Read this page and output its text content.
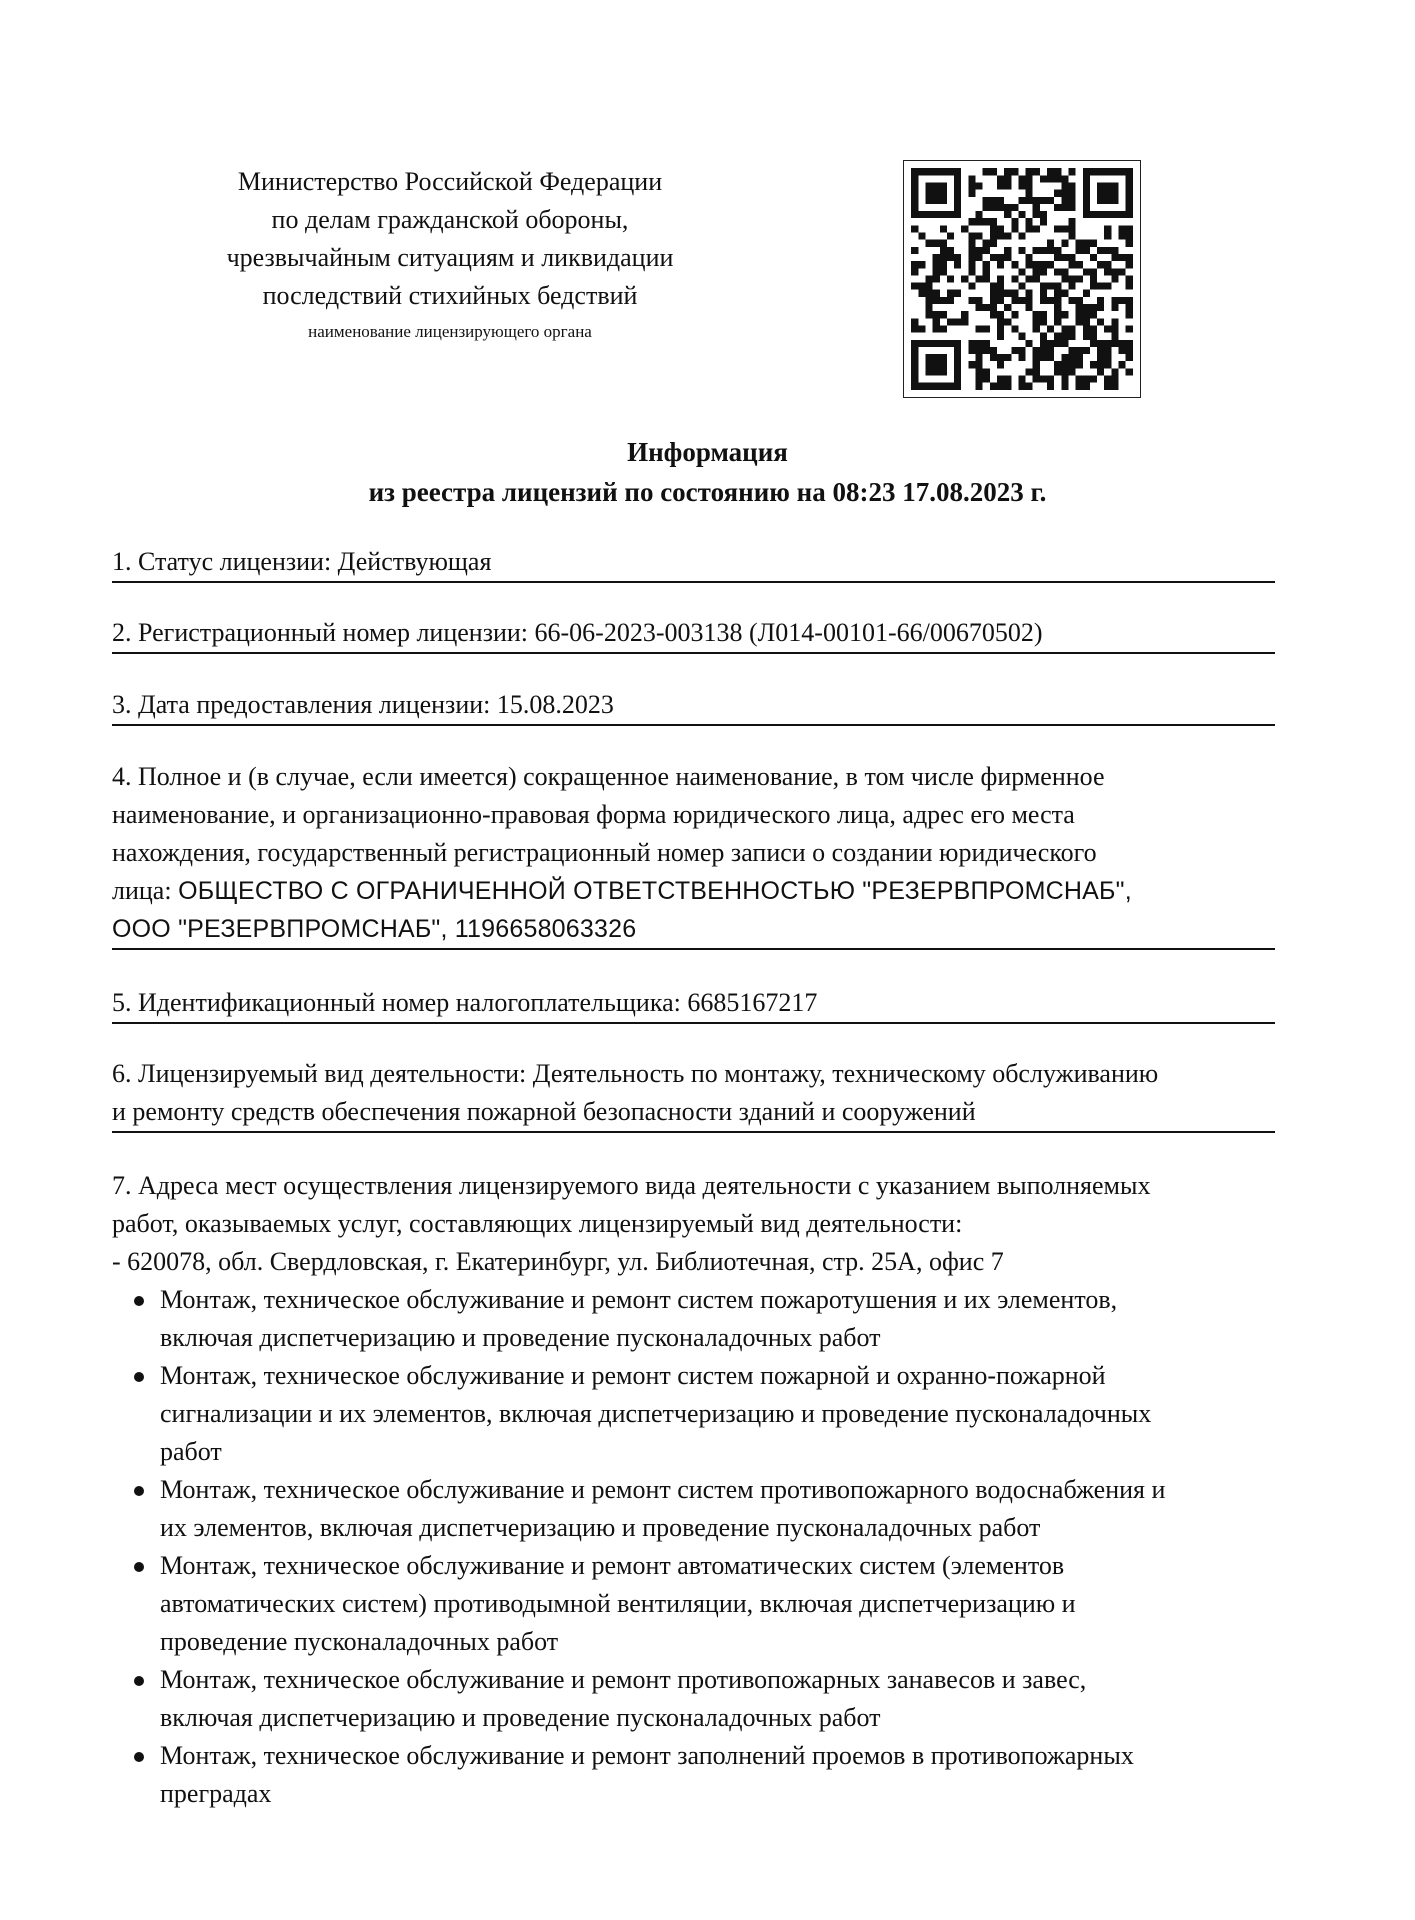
Министерство Российской Федерации
по делам гражданской обороны,
чрезвычайным ситуациям и ликвидации
последствий стихийных бедствий
наименование лицензирующего органа
Информация
из реестра лицензий по состоянию на 08:23 17.08.2023 г.
1. Статус лицензии: Действующая
2. Регистрационный номер лицензии: 66-06-2023-003138 (Л014-00101-66/00670502)
3. Дата предоставления лицензии: 15.08.2023
4. Полное и (в случае, если имеется) сокращенное наименование, в том числе фирменное
наименование, и организационно-правовая форма юридического лица, адрес его места
нахождения, государственный регистрационный номер записи о создании юридического
лица: ОБЩЕСТВО С ОГРАНИЧЕННОЙ ОТВЕТСТВЕННОСТЬЮ "РЕЗЕРВПРОМСНАБ",
ООО "РЕЗЕРВПРОМСНАБ", 1196658063326
5. Идентификационный номер налогоплательщика: 6685167217
6. Лицензируемый вид деятельности: Деятельность по монтажу, техническому обслуживанию
и ремонту средств обеспечения пожарной безопасности зданий и сооружений
7. Адреса мест осуществления лицензируемого вида деятельности с указанием выполняемых
работ, оказываемых услуг, составляющих лицензируемый вид деятельности:
- 620078, обл. Свердловская, г. Екатеринбург, ул. Библиотечная, стр. 25А, офис 7
Монтаж, техническое обслуживание и ремонт систем пожаротушения и их элементов,
включая диспетчеризацию и проведение пусконаладочных работ
Монтаж, техническое обслуживание и ремонт систем пожарной и охранно-пожарной
сигнализации и их элементов, включая диспетчеризацию и проведение пусконаладочных
работ
Монтаж, техническое обслуживание и ремонт систем противопожарного водоснабжения и
их элементов, включая диспетчеризацию и проведение пусконаладочных работ
Монтаж, техническое обслуживание и ремонт автоматических систем (элементов
автоматических систем) противодымной вентиляции, включая диспетчеризацию и
проведение пусконаладочных работ
Монтаж, техническое обслуживание и ремонт противопожарных занавесов и завес,
включая диспетчеризацию и проведение пусконаладочных работ
Монтаж, техническое обслуживание и ремонт заполнений проемов в противопожарных
преградах
